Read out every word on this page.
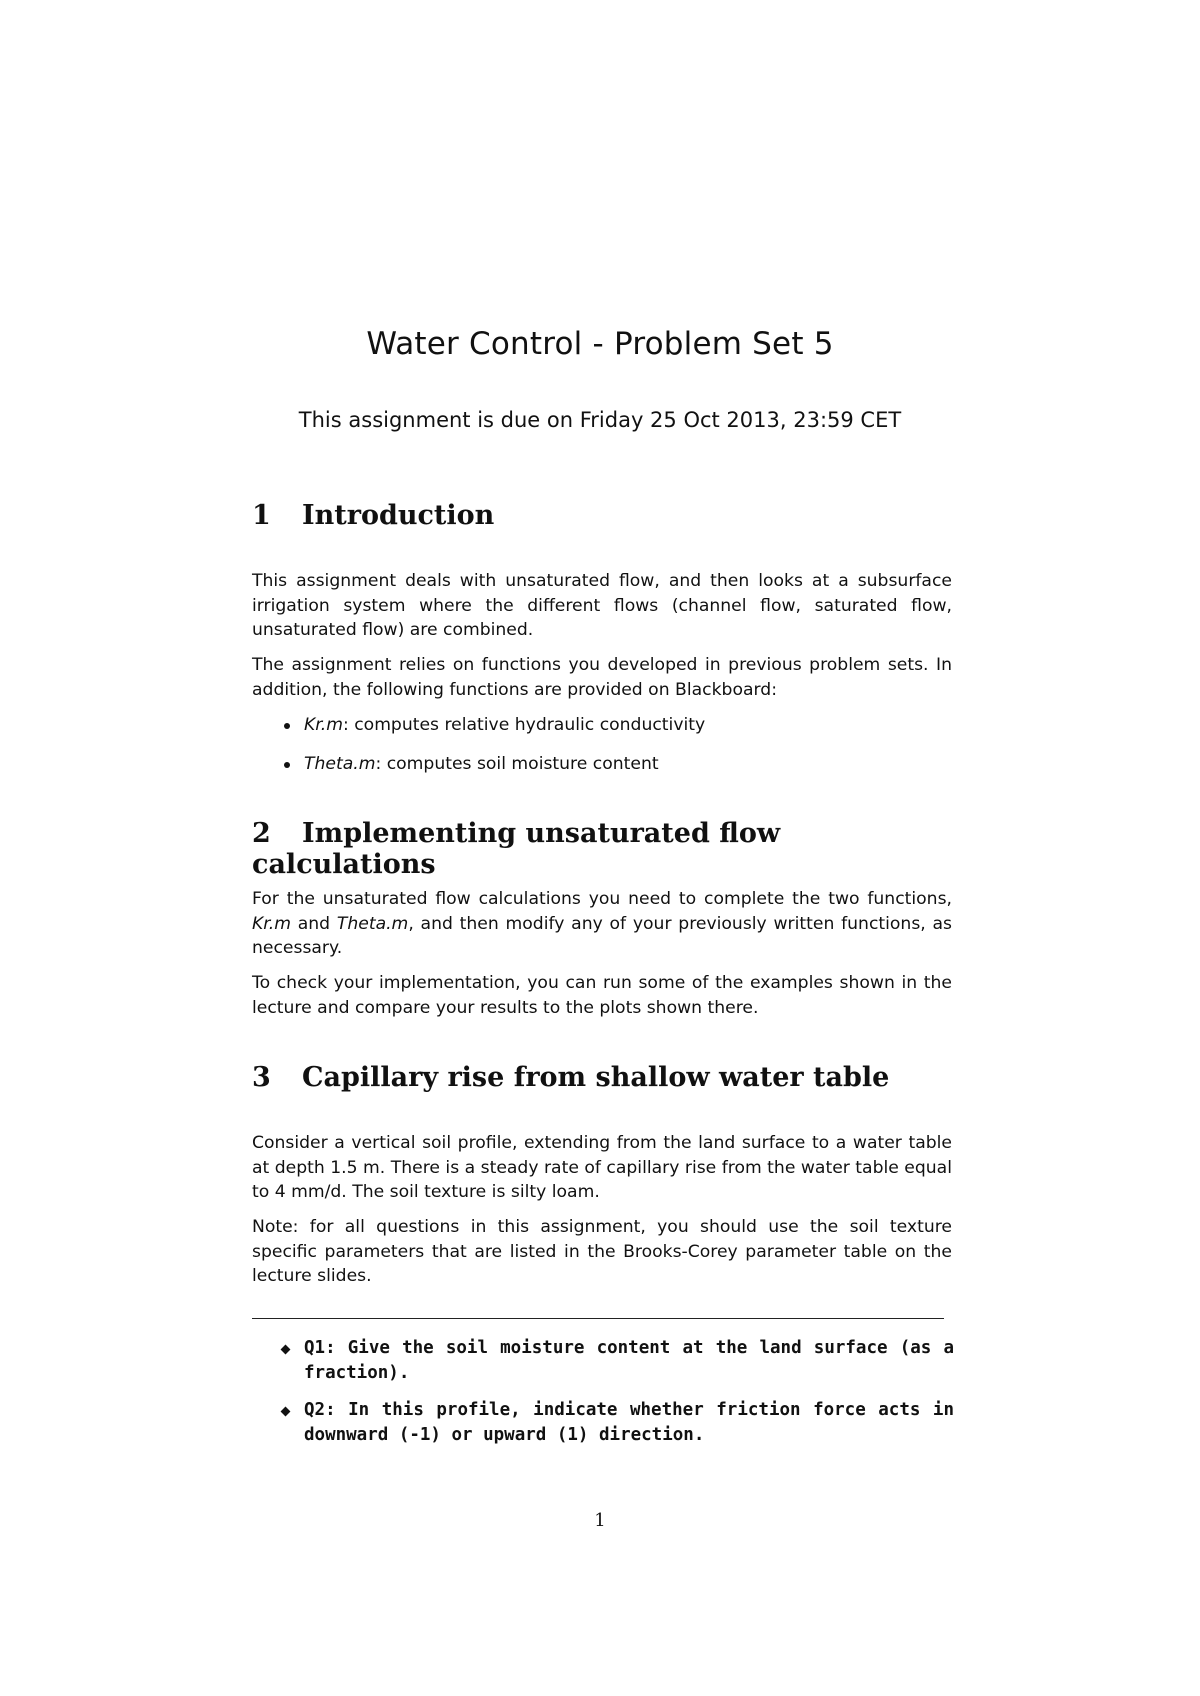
Water Control - Problem Set 5
This assignment is due on Friday 25 Oct 2013, 23:59 CET
1 Introduction

This assignment deals with unsaturated flow, and then looks at a subsurface irrigation system where the different flows (channel flow, saturated flow, unsaturated flow) are combined.

The assignment relies on functions you developed in previous problem sets. In addition, the following functions are provided on Blackboard:

Kr.m: computes relative hydraulic conductivity
Theta.m: computes soil moisture content
2 Implementing unsaturated flow calculations

For the unsaturated flow calculations you need to complete the two functions, Kr.m and Theta.m, and then modify any of your previously written functions, as necessary.

To check your implementation, you can run some of the examples shown in the lecture and compare your results to the plots shown there.

3 Capillary rise from shallow water table

Consider a vertical soil profile, extending from the land surface to a water table at depth 1.5 m. There is a steady rate of capillary rise from the water table equal to 4 mm/d. The soil texture is silty loam.

Note: for all questions in this assignment, you should use the soil texture specific parameters that are listed in the Brooks-Corey parameter table on the lecture slides.

Q1: Give the soil moisture content at the land surface (as a fraction).
Q2: In this profile, indicate whether friction force acts in downward (-1) or upward (1) direction.
1
